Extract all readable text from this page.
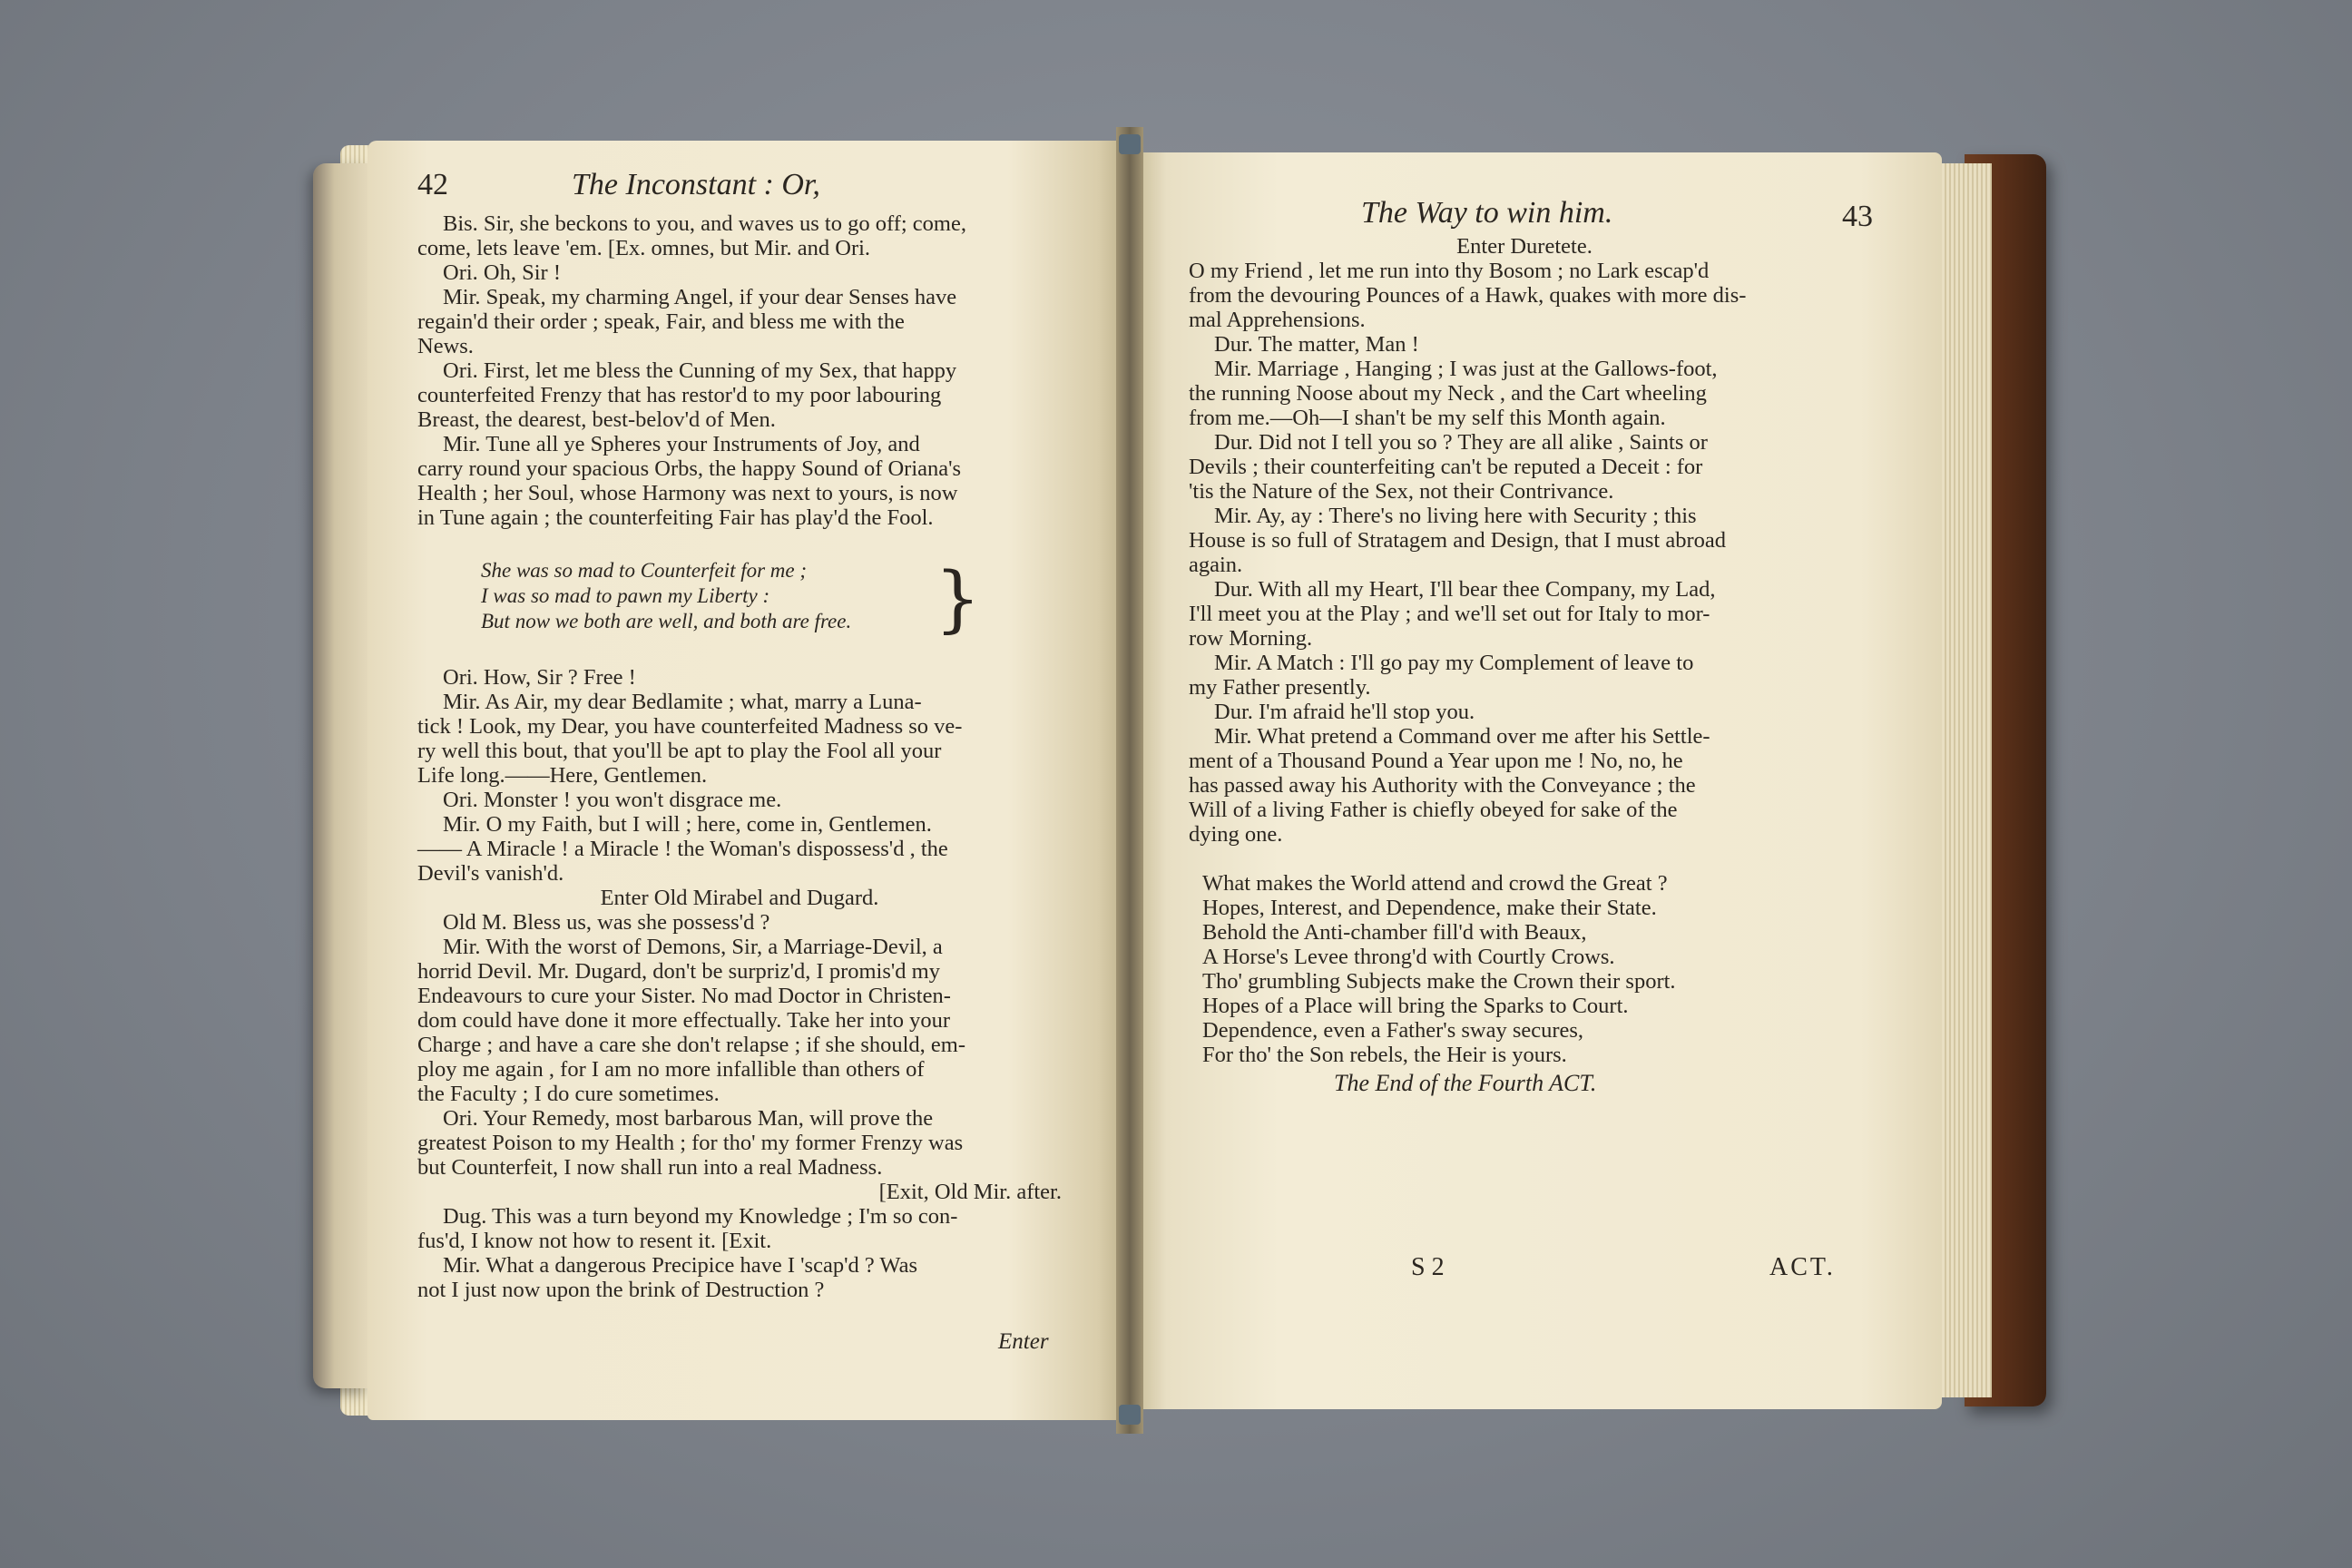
42	The Inconstant : Or,
Bis. Sir, she beckons to you, and waves us to go off; come,
come, lets leave 'em. [Ex. omnes, but Mir. and Ori.
Ori. Oh, Sir !
Mir. Speak, my charming Angel, if your dear Senses have
regain'd their order ; speak, Fair, and bless me with the
News.
Ori. First, let me bless the Cunning of my Sex, that happy
counterfeited Frenzy that has restor'd to my poor labouring
Breast, the dearest, best-belov'd of Men.
Mir. Tune all ye Spheres your Instruments of Joy, and
carry round your spacious Orbs, the happy Sound of Oriana's
Health ; her Soul, whose Harmony was next to yours, is now
in Tune again ; the counterfeiting Fair has play'd the Fool.
She was so mad to Counterfeit for me ;
I was so mad to pawn my Liberty :
But now we both are well, and both are free. }
Ori. How, Sir ? Free !
Mir. As Air, my dear Bedlamite ; what, marry a Luna-
tick ! Look, my Dear, you have counterfeited Madness so ve-
ry well this bout, that you'll be apt to play the Fool all your
Life long.——Here, Gentlemen.
Ori. Monster ! you won't disgrace me.
Mir. O my Faith, but I will ; here, come in, Gentlemen.
—— A Miracle ! a Miracle ! the Woman's dispossess'd , the
Devil's vanish'd.
Enter Old Mirabel and Dugard.
Old M. Bless us, was she possess'd ?
Mir. With the worst of Demons, Sir, a Marriage-Devil, a
horrid Devil. Mr. Dugard, don't be surpriz'd, I promis'd my
Endeavours to cure your Sister. No mad Doctor in Christen-
dom could have done it more effectually. Take her into your
Charge ; and have a care she don't relapse ; if she should, em-
ploy me again , for I am no more infallible than others of
the Faculty ; I do cure sometimes.
Ori. Your Remedy, most barbarous Man, will prove the
greatest Poison to my Health ; for tho' my former Frenzy was
but Counterfeit, I now shall run into a real Madness.
[Exit, Old Mir. after.
Dug. This was a turn beyond my Knowledge ; I'm so con-
fus'd, I know not how to resent it. [Exit.
Mir. What a dangerous Precipice have I 'scap'd ? Was
not I just now upon the brink of Destruction ?
Enter
The Way to win him.	43
Enter Duretete.
O my Friend , let me run into thy Bosom ; no Lark escap'd
from the devouring Pounces of a Hawk, quakes with more dis-
mal Apprehensions.
Dur. The matter, Man !
Mir. Marriage , Hanging ; I was just at the Gallows-foot,
the running Noose about my Neck , and the Cart wheeling
from me.—Oh—I shan't be my self this Month again.
Dur. Did not I tell you so ? They are all alike , Saints or
Devils ; their counterfeiting can't be reputed a Deceit : for
'tis the Nature of the Sex, not their Contrivance.
Mir. Ay, ay : There's no living here with Security ; this
House is so full of Stratagem and Design, that I must abroad
again.
Dur. With all my Heart, I'll bear thee Company, my Lad,
I'll meet you at the Play ; and we'll set out for Italy to mor-
row Morning.
Mir. A Match : I'll go pay my Complement of leave to
my Father presently.
Dur. I'm afraid he'll stop you.
Mir. What pretend a Command over me after his Settle-
ment of a Thousand Pound a Year upon me ! No, no, he
has passed away his Authority with the Conveyance ; the
Will of a living Father is chiefly obeyed for sake of the
dying one.
What makes the World attend and crowd the Great ?
Hopes, Interest, and Dependence, make their State.
Behold the Anti-chamber fill'd with Beaux,
A Horse's Levee throng'd with Courtly Crows.
Tho' grumbling Subjects make the Crown their sport.
Hopes of a Place will bring the Sparks to Court.
Dependence, even a Father's sway secures,
For tho' the Son rebels, the Heir is yours.
The End of the Fourth ACT.
S 2	ACT.
